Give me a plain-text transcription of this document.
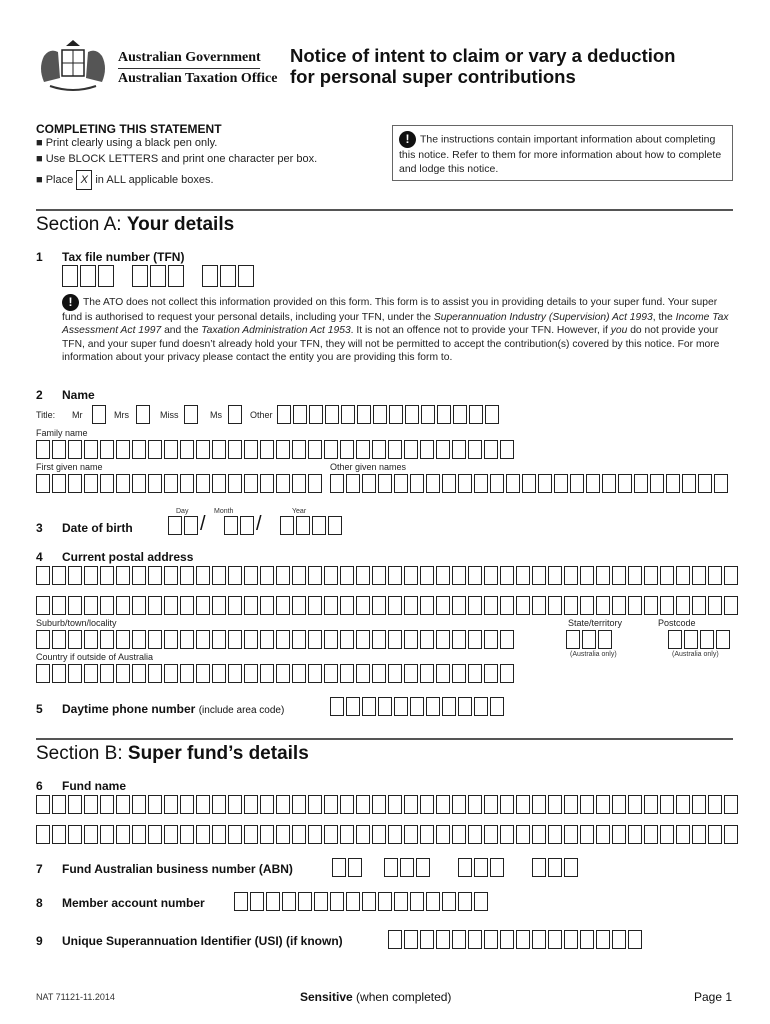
Australian Government
Australian Taxation Office
Notice of intent to claim or vary a deduction
for personal super contributions
COMPLETING THIS STATEMENT
■ Print clearly using a black pen only.
■ Use BLOCK LETTERS and print one character per box.
■ Place X in ALL applicable boxes.
! The instructions contain important information about completing this notice. Refer to them for more information about how to complete and lodge this notice.
Section A: Your details
1 Tax file number (TFN)
! The ATO does not collect this information provided on this form. This form is to assist you in providing details to your super fund. Your super fund is authorised to request your personal details, including your TFN, under the Superannuation Industry (Supervision) Act 1993, the Income Tax Assessment Act 1997 and the Taxation Administration Act 1953. It is not an offence not to provide your TFN. However, if you do not provide your TFN, and your super fund doesn’t already hold your TFN, they will not be permitted to accept the contribution(s) covered by this notice. For more information about your privacy please contact the entity you are providing this form to.
2 Name
Title: Mr	Mrs	Miss	Ms	Other
Family name
First given name	Other given names
Day	Month	Year
3 Date of birth	/	/
4 Current postal address
Suburb/town/locality	State/territory	Postcode
(Australia only)	(Australia only)
Country if outside of Australia
5 Daytime phone number (include area code)
Section B: Super fund’s details
6 Fund name
7 Fund Australian business number (ABN)
8 Member account number
9 Unique Superannuation Identifier (USI) (if known)
NAT 71121-11.2014	Sensitive (when completed)	Page 1
